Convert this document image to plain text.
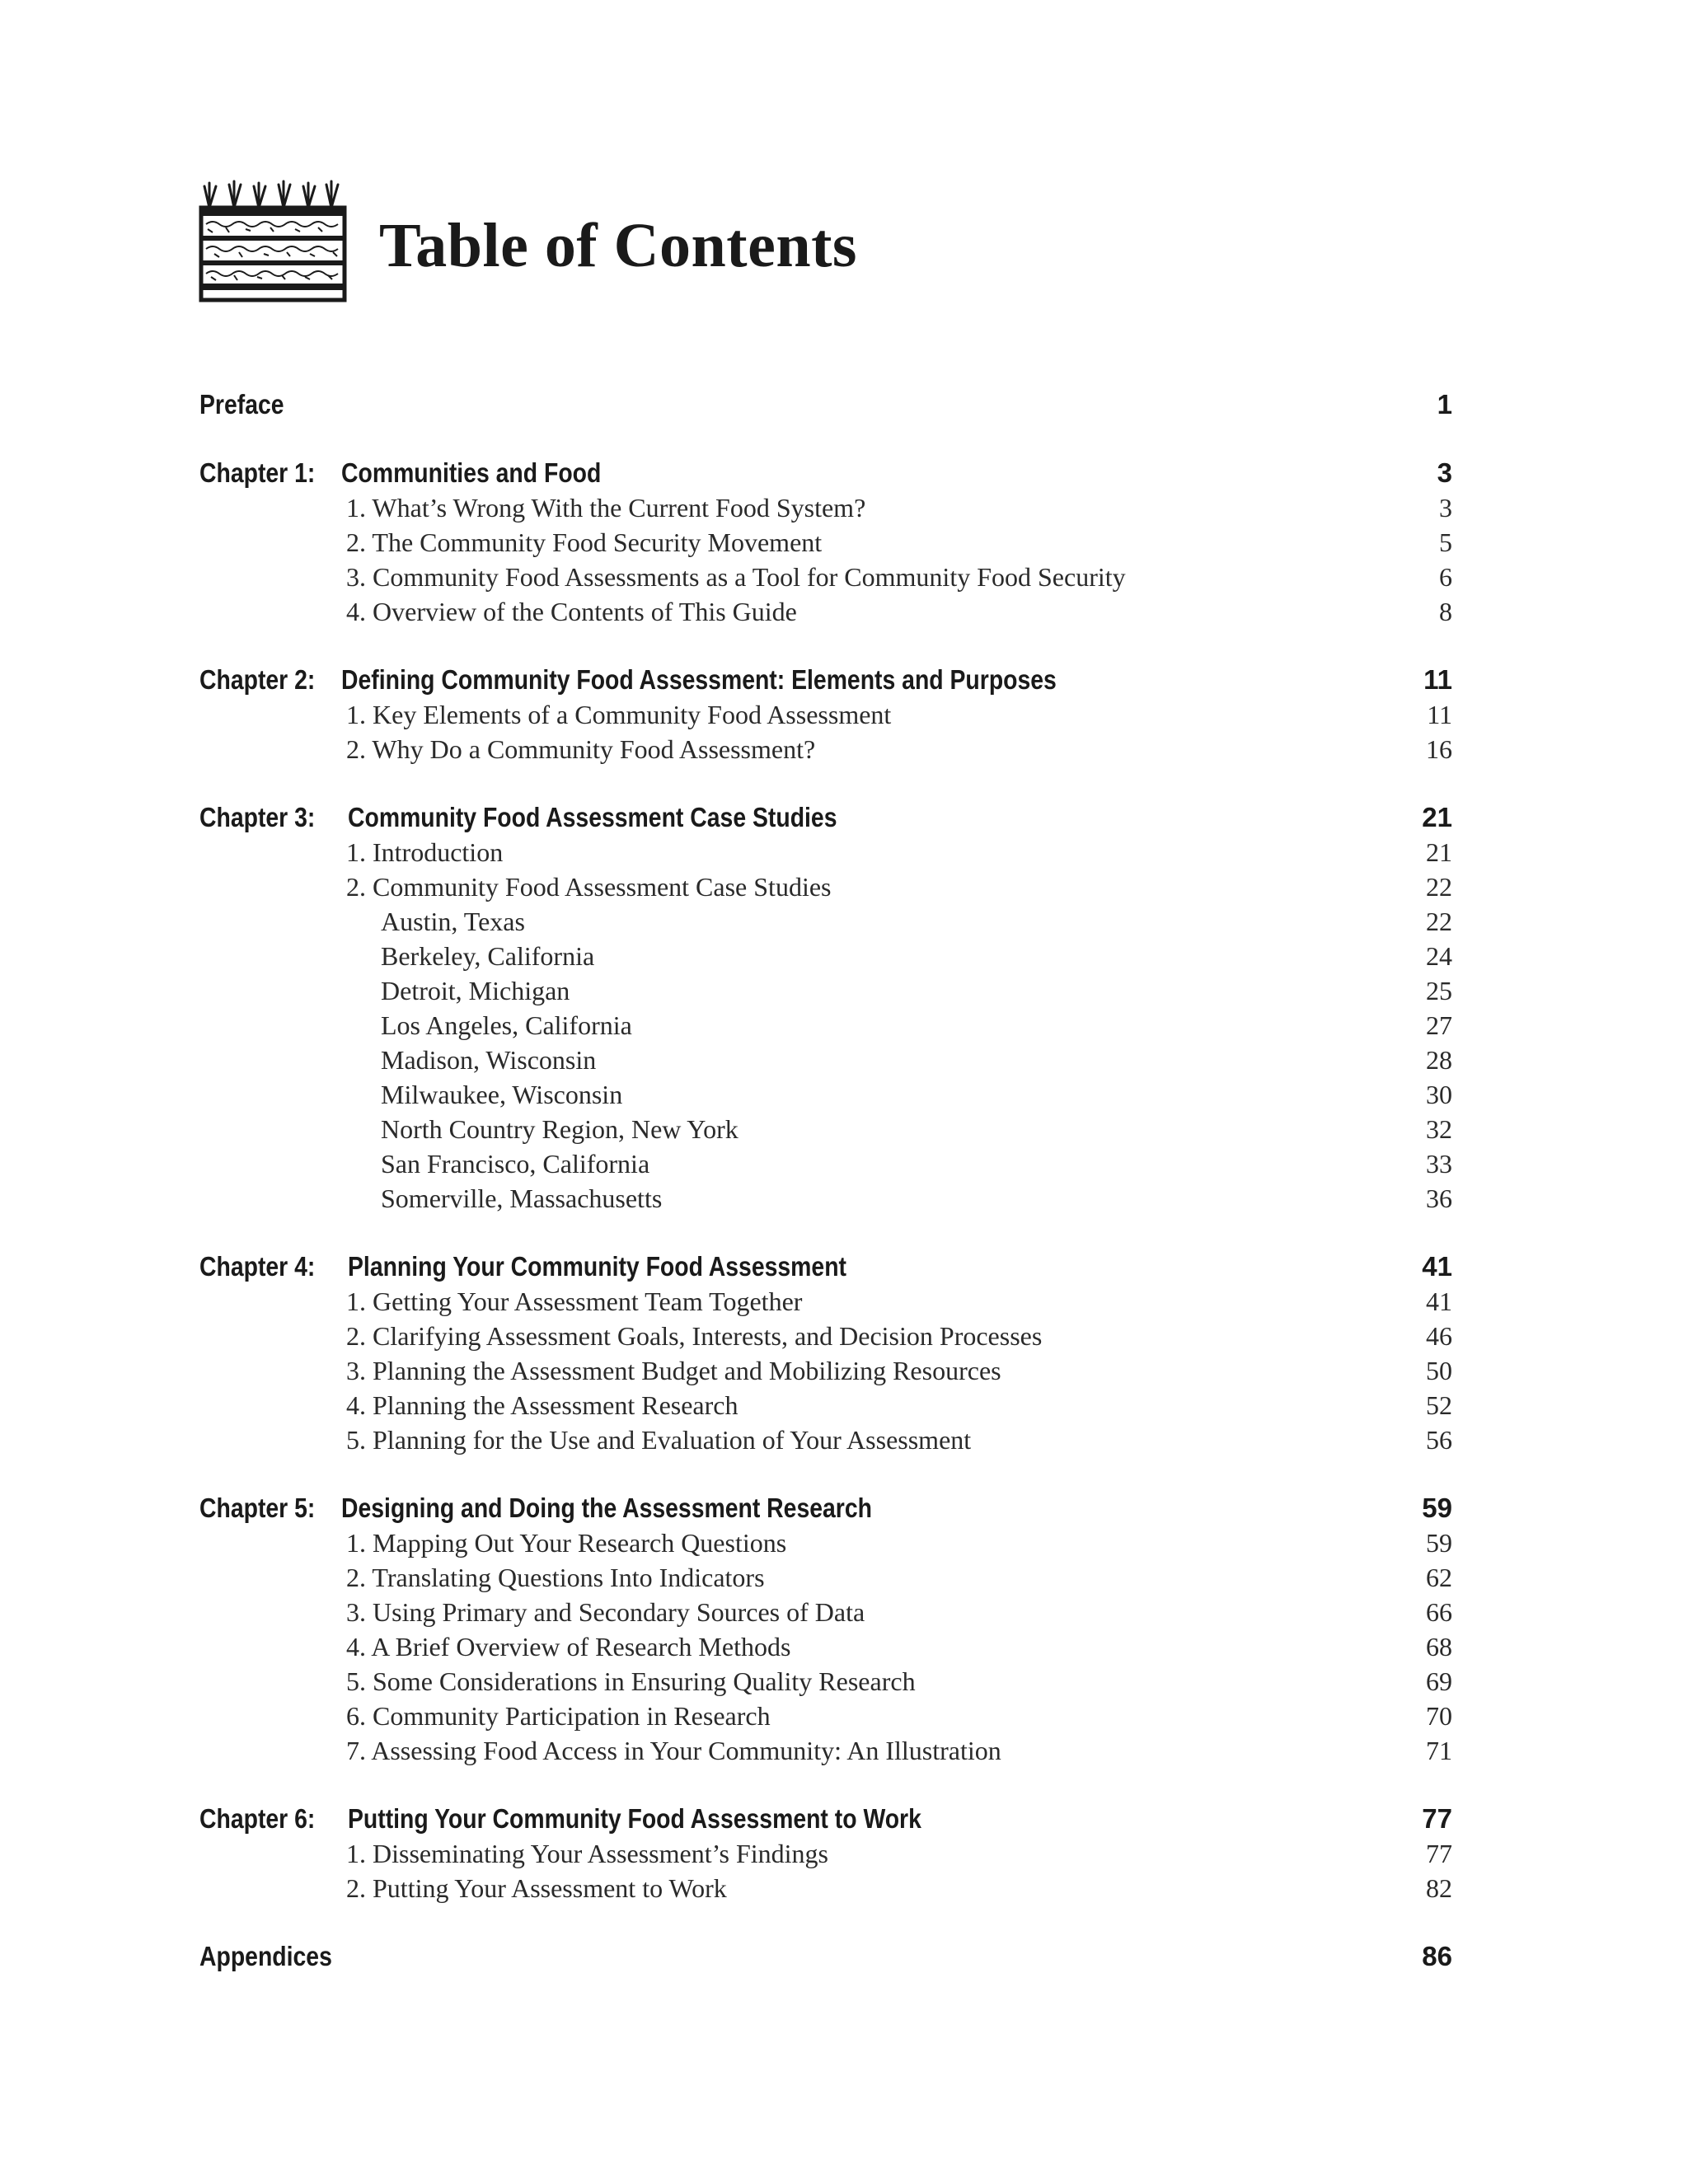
Table of Contents
Preface	1
Chapter 1: Communities and Food	3
1. What’s Wrong With the Current Food System?	3
2. The Community Food Security Movement	5
3. Community Food Assessments as a Tool for Community Food Security	6
4. Overview of the Contents of This Guide	8
Chapter 2: Defining Community Food Assessment: Elements and Purposes	11
1. Key Elements of a Community Food Assessment	11
2. Why Do a Community Food Assessment?	16
Chapter 3:	Community Food Assessment Case Studies	21
1. Introduction	21
2. Community Food Assessment Case Studies	22
Austin, Texas	22
Berkeley, California	24
Detroit, Michigan	25
Los Angeles, California	27
Madison, Wisconsin	28
Milwaukee, Wisconsin	30
North Country Region, New York	32
San Francisco, California	33
Somerville, Massachusetts	36
Chapter 4:	Planning Your Community Food Assessment	41
1. Getting Your Assessment Team Together	41
2. Clarifying Assessment Goals, Interests, and Decision Processes	46
3. Planning the Assessment Budget and Mobilizing Resources	50
4. Planning the Assessment Research	52
5. Planning for the Use and Evaluation of Your Assessment	56
Chapter 5: Designing and Doing the Assessment Research	59
1. Mapping Out Your Research Questions	59
2. Translating Questions Into Indicators	62
3. Using Primary and Secondary Sources of Data	66
4. A Brief Overview of Research Methods	68
5. Some Considerations in Ensuring Quality Research	69
6. Community Participation in Research	70
7. Assessing Food Access in Your Community: An Illustration	71
Chapter 6:	Putting Your Community Food Assessment to Work	77
1. Disseminating Your Assessment’s Findings	77
2. Putting Your Assessment to Work	82
Appendices	86
